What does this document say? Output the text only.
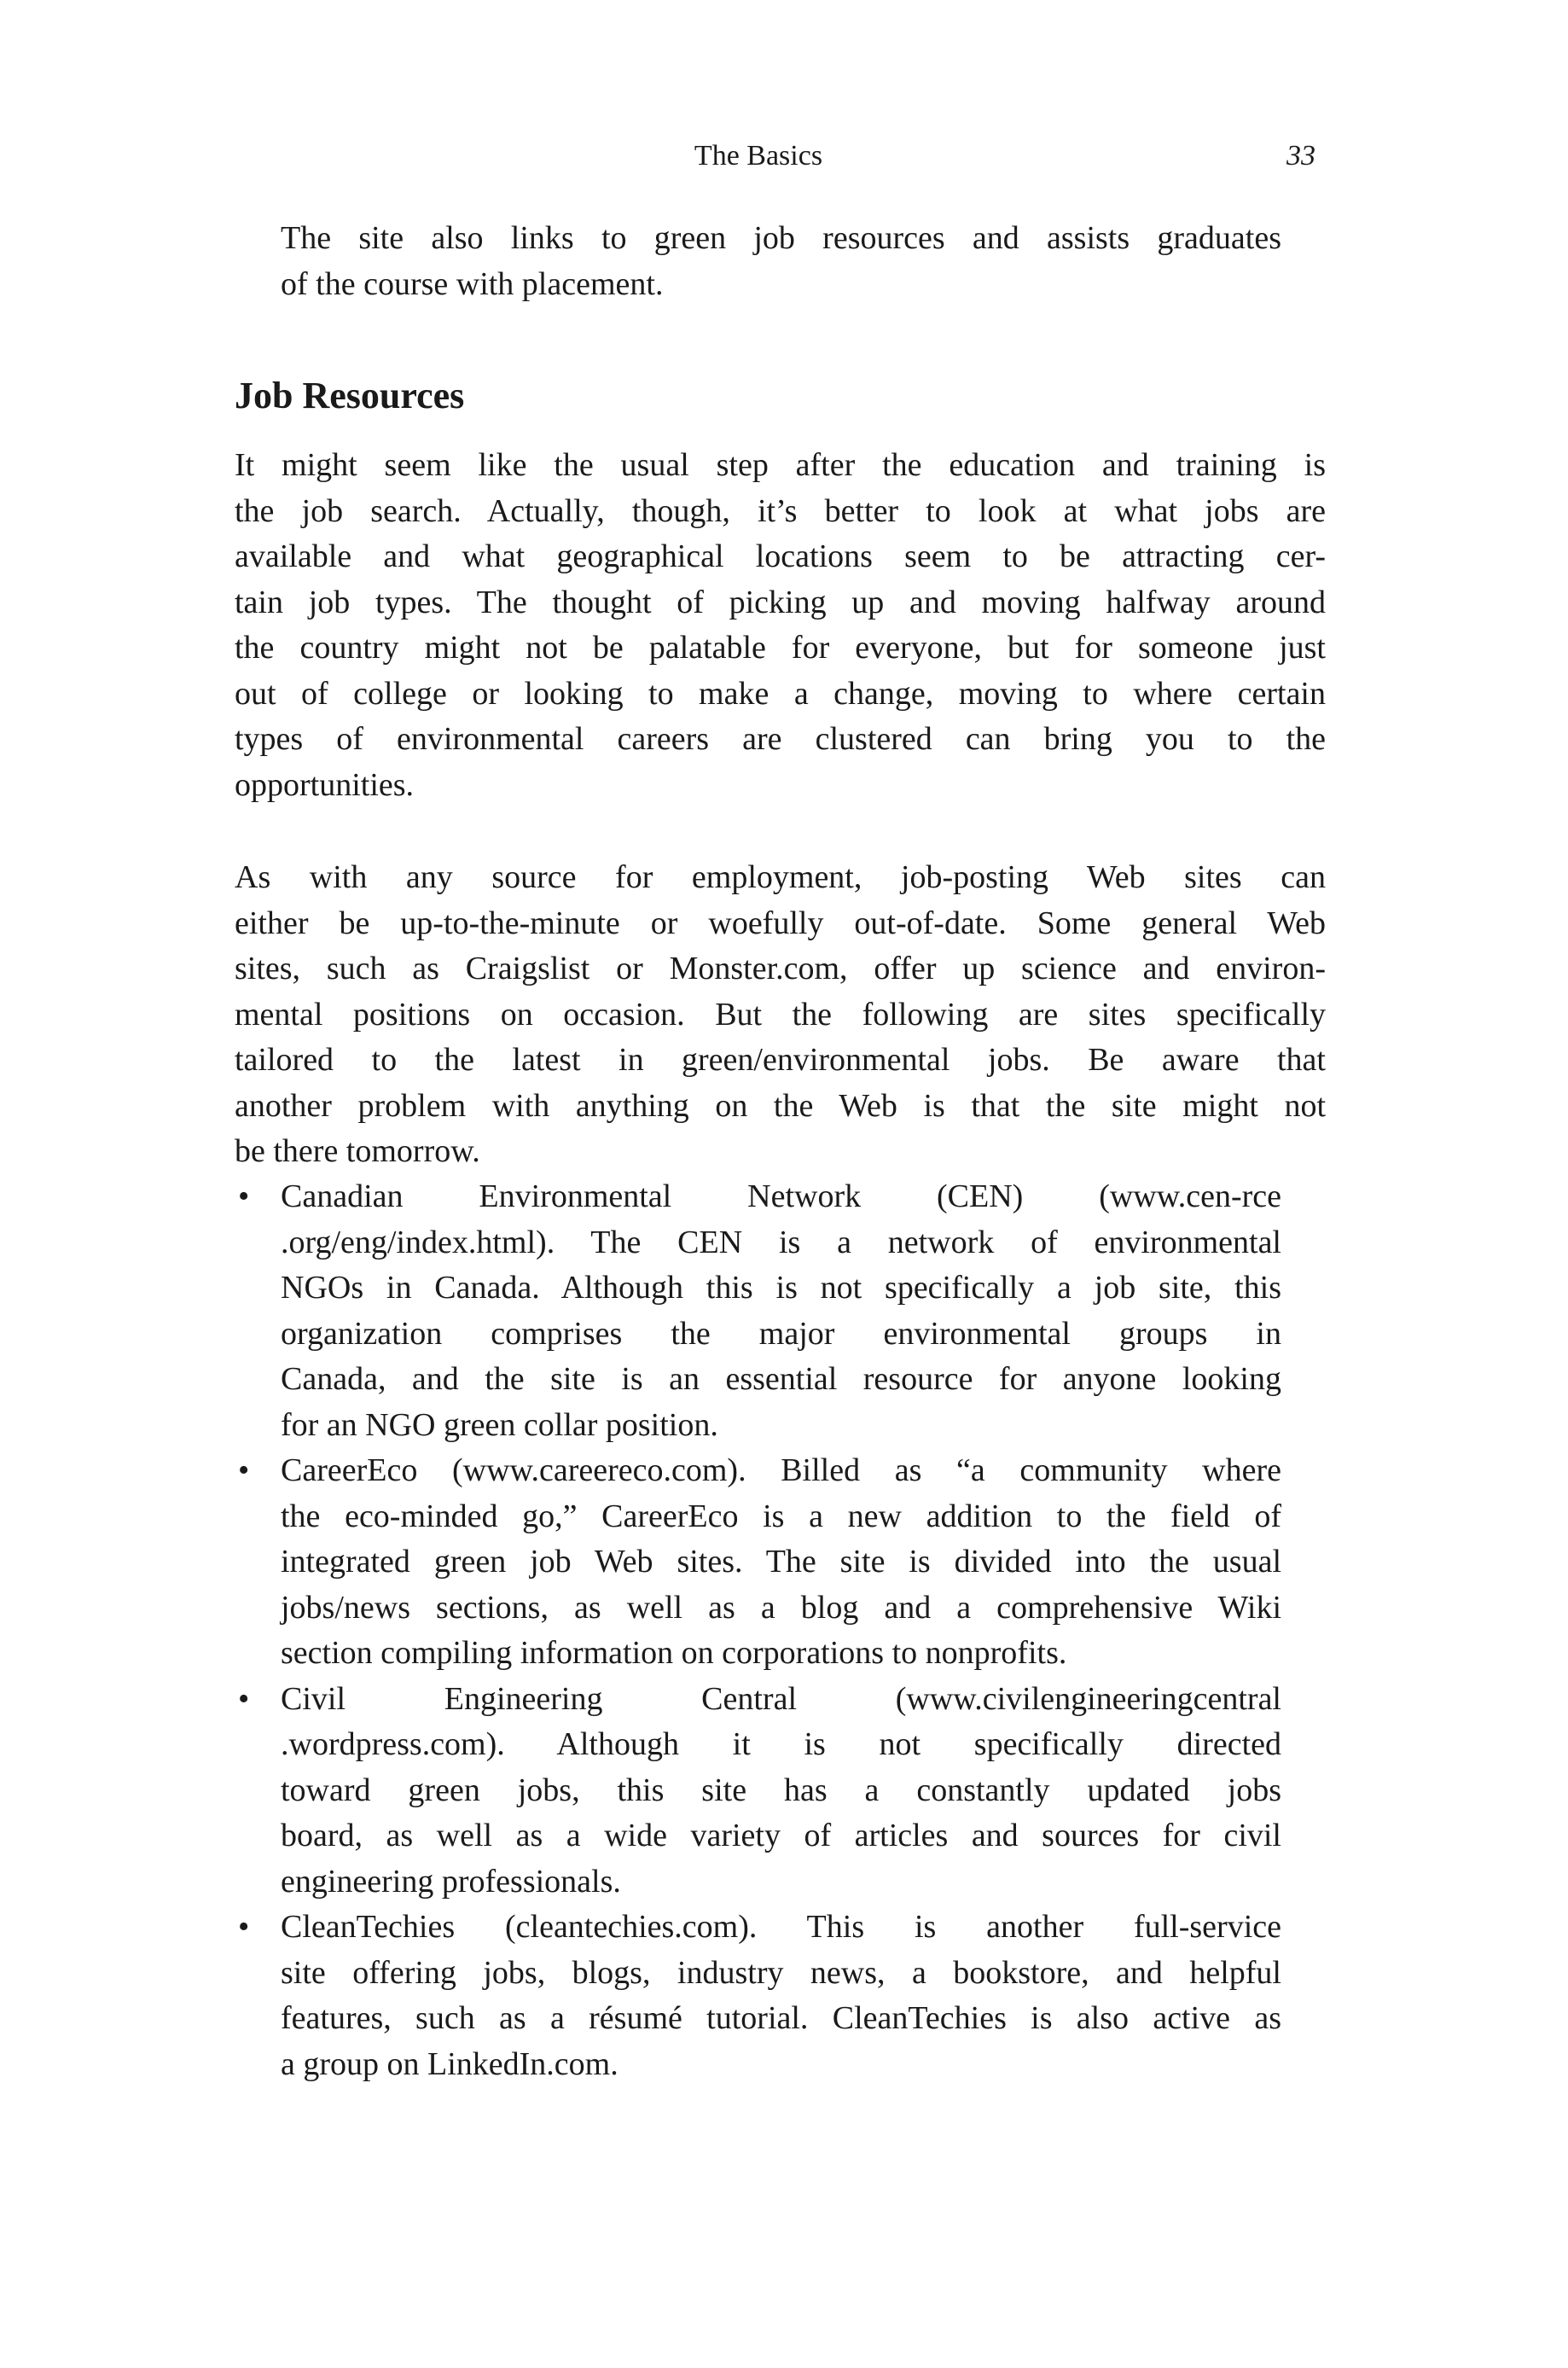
The Basics	33
The site also links to green job resources and assists graduates
of the course with placement.
Job Resources
It might seem like the usual step after the education and training is
the job search. Actually, though, it’s better to look at what jobs are
available and what geographical locations seem to be attracting cer-
tain job types. The thought of picking up and moving halfway around
the country might not be palatable for everyone, but for someone just
out of college or looking to make a change, moving to where certain
types of environmental careers are clustered can bring you to the
opportunities.
As with any source for employment, job-posting Web sites can
either be up-to-the-minute or woefully out-of-date. Some general Web
sites, such as Craigslist or Monster.com, offer up science and environ-
mental positions on occasion. But the following are sites specifically
tailored to the latest in green/environmental jobs. Be aware that
another problem with anything on the Web is that the site might not
be there tomorrow.
• Canadian Environmental Network (CEN) (www.cen-rce
.org/eng/index.html). The CEN is a network of environmental
NGOs in Canada. Although this is not specifically a job site, this
organization comprises the major environmental groups in
Canada, and the site is an essential resource for anyone looking
for an NGO green collar position.
• CareerEco (www.careereco.com). Billed as “a community where
the eco-minded go,” CareerEco is a new addition to the field of
integrated green job Web sites. The site is divided into the usual
jobs/news sections, as well as a blog and a comprehensive Wiki
section compiling information on corporations to nonprofits.
• Civil Engineering Central (www.civilengineeringcentral
.wordpress.com). Although it is not specifically directed
toward green jobs, this site has a constantly updated jobs
board, as well as a wide variety of articles and sources for civil
engineering professionals.
• CleanTechies (cleantechies.com). This is another full-service
site offering jobs, blogs, industry news, a bookstore, and helpful
features, such as a résumé tutorial. CleanTechies is also active as
a group on LinkedIn.com.
